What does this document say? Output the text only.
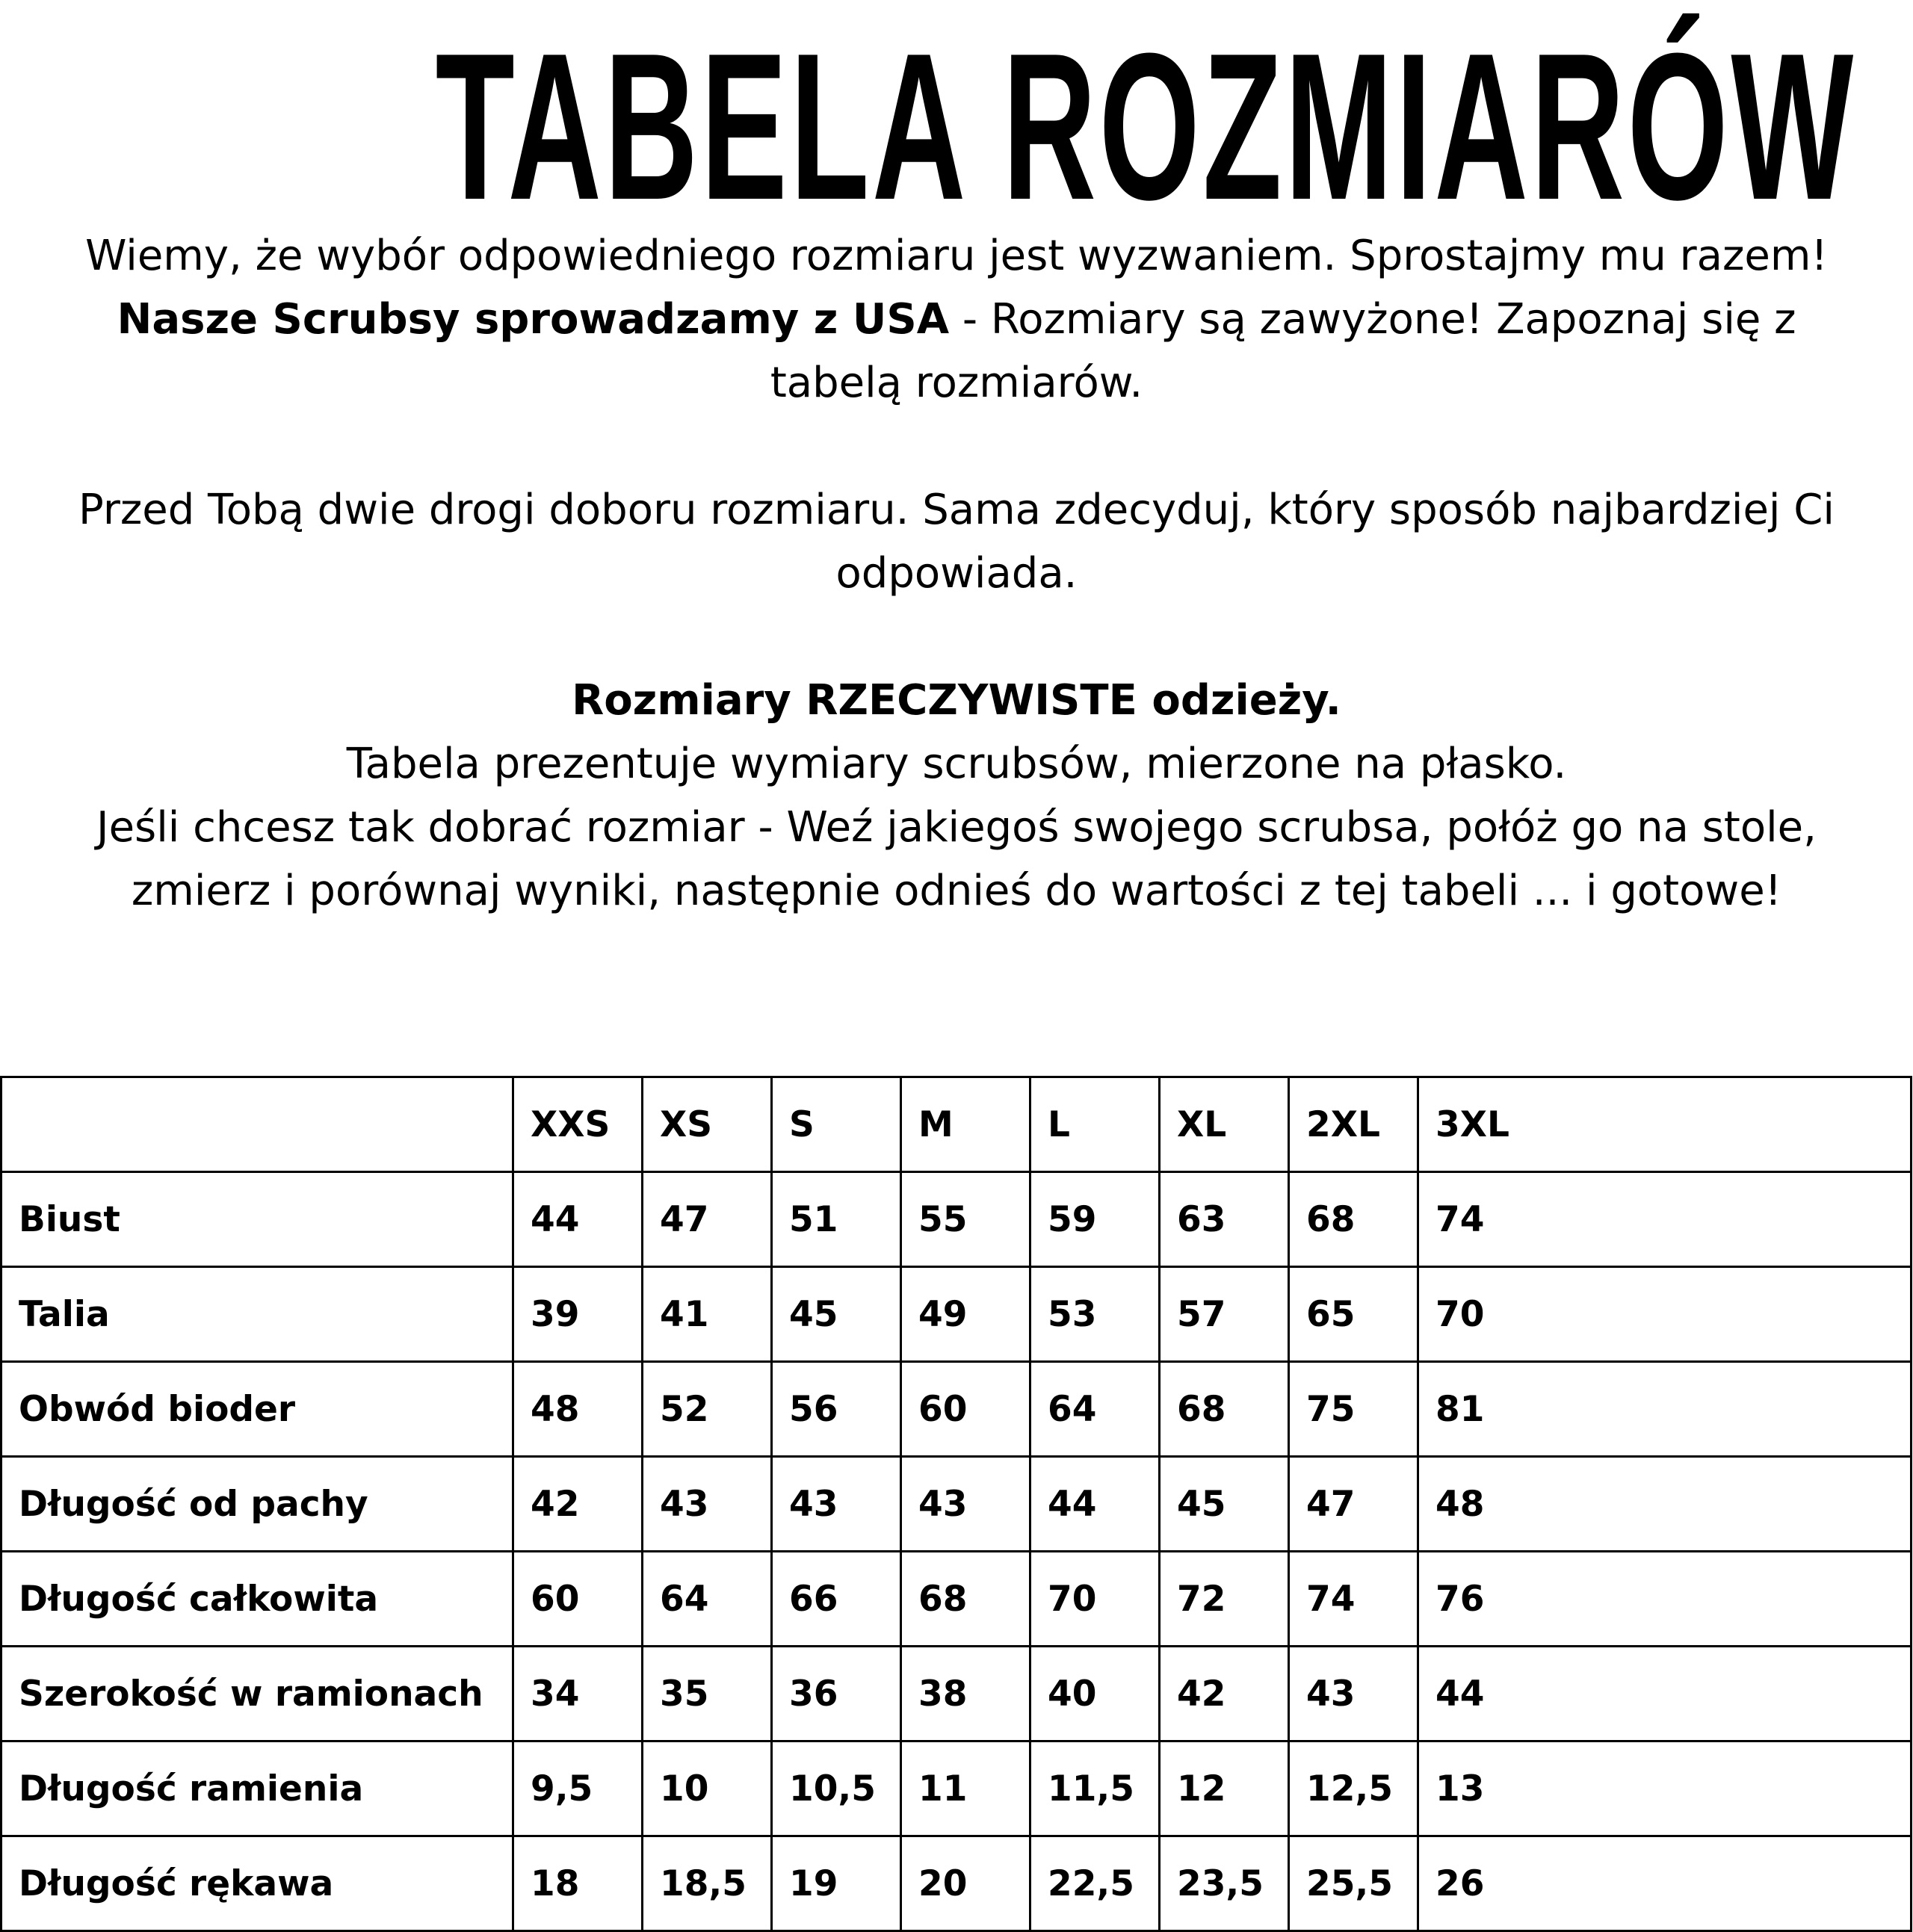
TABELA ROZMIARÓW

Wiemy, że wybór odpowiedniego rozmiaru jest wyzwaniem. Sprostajmy mu razem!

Nasze Scrubsy sprowadzamy z USA - Rozmiary są zawyżone! Zapoznaj się z tabelą rozmiarów.

Przed Tobą dwie drogi doboru rozmiaru. Sama zdecyduj, który sposób najbardziej Ci odpowiada.

Rozmiary RZECZYWISTE odzieży.

Tabela prezentuje wymiary scrubsów, mierzone na płasko.

Jeśli chcesz tak dobrać rozmiar - Weź jakiegoś swojego scrubsa, połóż go na stole, zmierz i porównaj wyniki, następnie odnieś do wartości z tej tabeli ... i gotowe!

	XXS	XS	S	M	L	XL	2XL	3XL
Biust	44	47	51	55	59	63	68	74
Talia	39	41	45	49	53	57	65	70
Obwód bioder	48	52	56	60	64	68	75	81
Długość od pachy	42	43	43	43	44	45	47	48
Długość całkowita	60	64	66	68	70	72	74	76
Szerokość w ramionach	34	35	36	38	40	42	43	44
Długość ramienia	9,5	10	10,5	11	11,5	12	12,5	13
Długość rękawa	18	18,5	19	20	22,5	23,5	25,5	26
